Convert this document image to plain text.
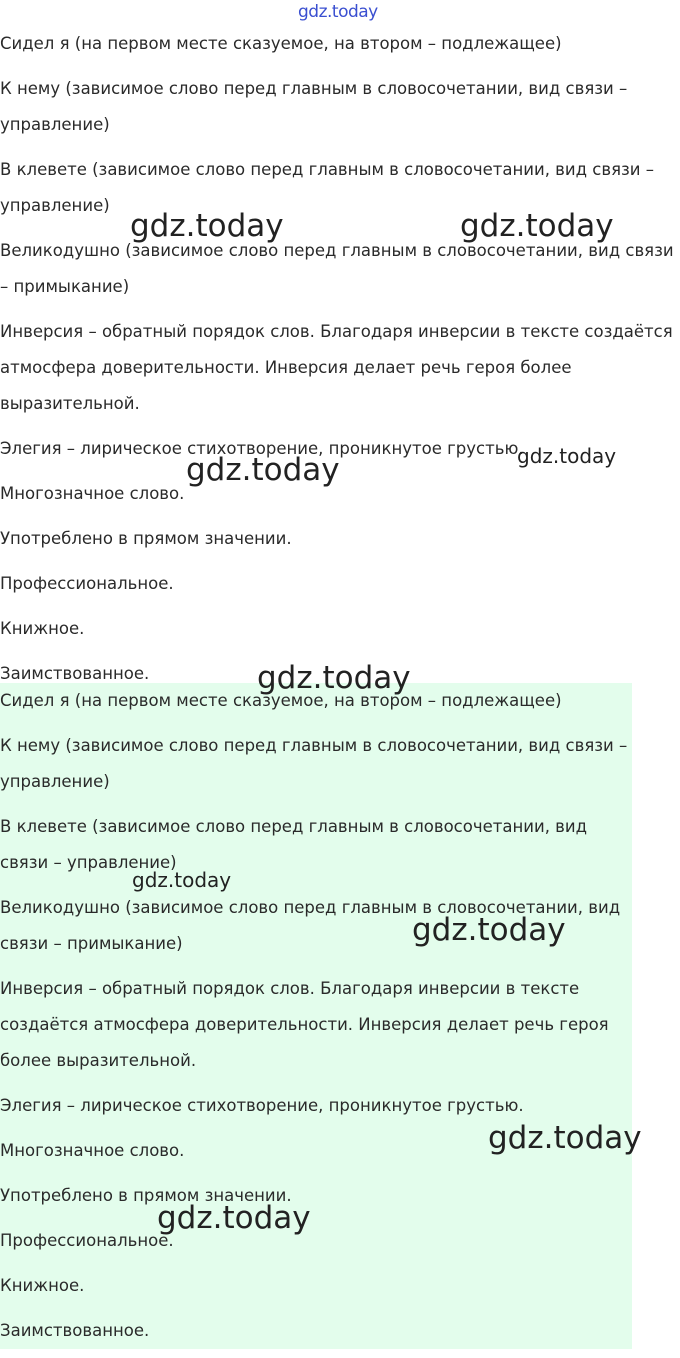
gdz.today

Сидел я (на первом месте сказуемое, на втором – подлежащее)

К нему (зависимое слово перед главным в словосочетании, вид связи – управление)

В клевете (зависимое слово перед главным в словосочетании, вид связи – управление)

Великодушно (зависимое слово перед главным в словосочетании, вид связи – примыкание)

Инверсия – обратный порядок слов. Благодаря инверсии в тексте создаётся атмосфера доверительности. Инверсия делает речь героя более выразительной.

Элегия – лирическое стихотворение, проникнутое грустью.

Многозначное слово.

Употреблено в прямом значении.

Профессиональное.

Книжное.

Заимствованное.

Сидел я (на первом месте сказуемое, на втором – подлежащее)

К нему (зависимое слово перед главным в словосочетании, вид связи – управление)

В клевете (зависимое слово перед главным в словосочетании, вид связи – управление)

Великодушно (зависимое слово перед главным в словосочетании, вид связи – примыкание)

Инверсия – обратный порядок слов. Благодаря инверсии в тексте создаётся атмосфера доверительности. Инверсия делает речь героя более выразительной.

Элегия – лирическое стихотворение, проникнутое грустью.

Многозначное слово.

Употреблено в прямом значении.

Профессиональное.

Книжное.

Заимствованное.

gdz.today	gdz.today
gdz.today	gdz.today
gdz.today
gdz.today
gdz.today
gdz.today
gdz.today
